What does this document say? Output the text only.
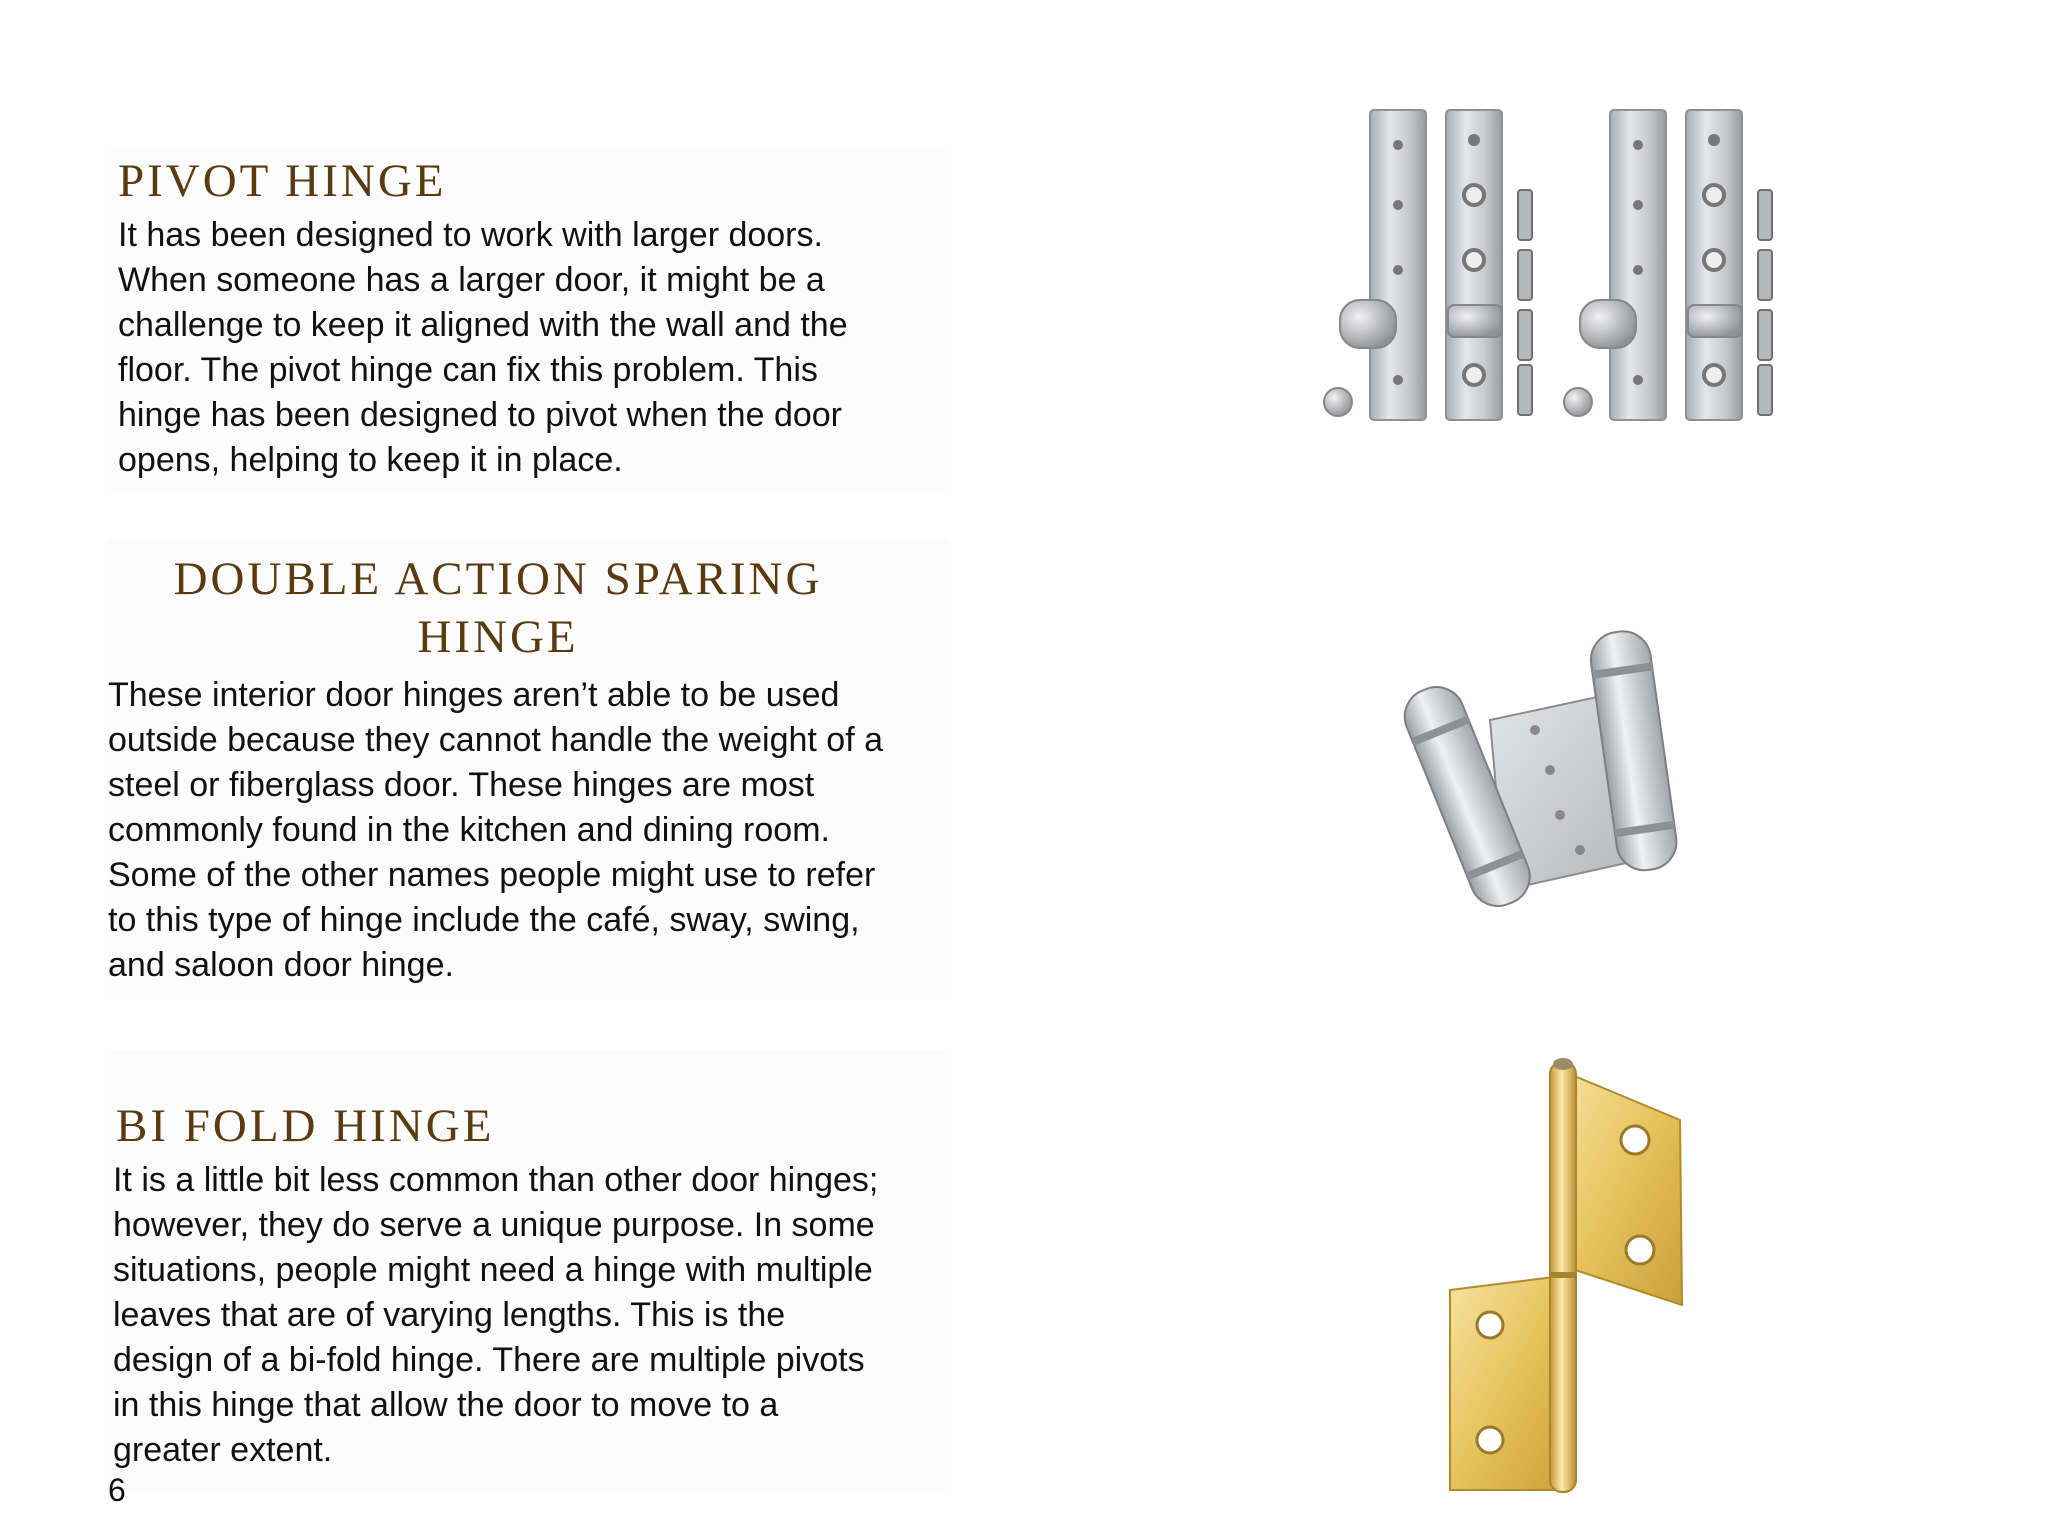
PIVOT HINGE
It has been designed to work with larger doors.
When someone has a larger door, it might be a
challenge to keep it aligned with the wall and the
floor. The pivot hinge can fix this problem. This
hinge has been designed to pivot when the door
opens, helping to keep it in place.
DOUBLE ACTION SPARING
HINGE
These interior door hinges aren’t able to be used
outside because they cannot handle the weight of a
steel or fiberglass door. These hinges are most
commonly found in the kitchen and dining room.
Some of the other names people might use to refer
to this type of hinge include the café, sway, swing,
and saloon door hinge.
BI FOLD HINGE
It is a little bit less common than other door hinges;
however, they do serve a unique purpose. In some
situations, people might need a hinge with multiple
leaves that are of varying lengths. This is the
design of a bi-fold hinge. There are multiple pivots
in this hinge that allow the door to move to a
greater extent.
6
